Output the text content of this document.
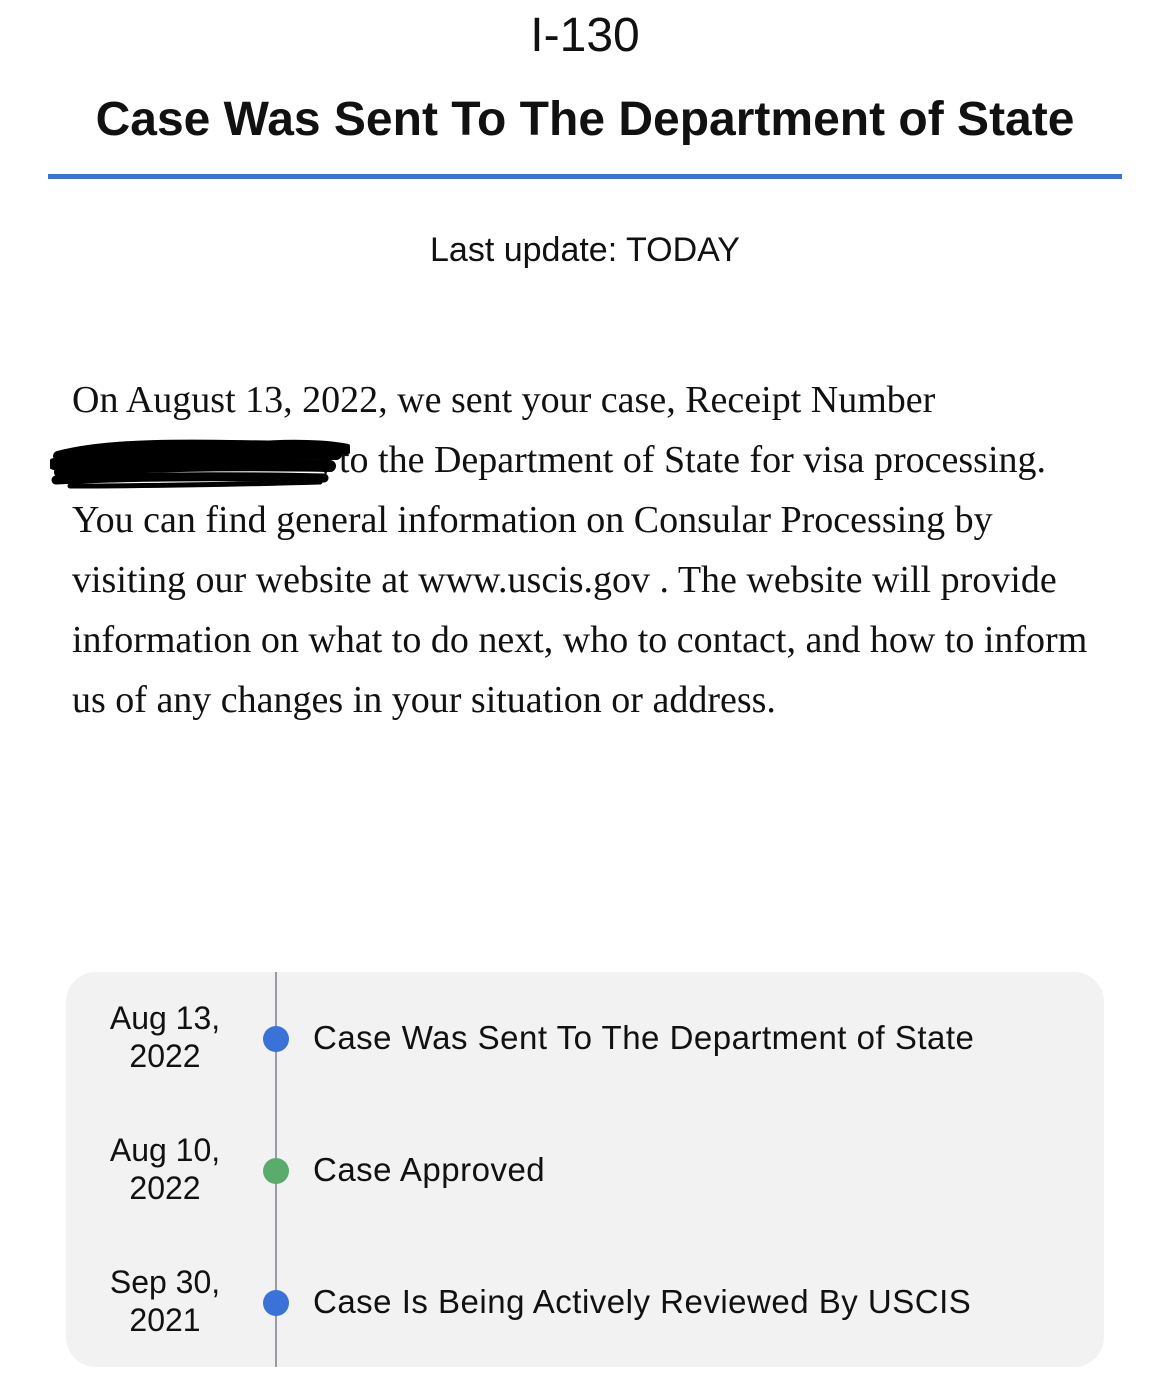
I-130
Case Was Sent To The Department of State
Last update: TODAY
On August 13, 2022, we sent your case, Receipt Number

, to the Department of State for visa processing. You can find general information on Consular Processing by visiting our website at www.uscis.gov . The website will provide information on what to do next, who to contact, and how to inform us of any changes in your situation or address.
Aug 13,
2022	Case Was Sent To The Department of State
Aug 10,
2022	Case Approved
Sep 30,
2021	Case Is Being Actively Reviewed By USCIS
